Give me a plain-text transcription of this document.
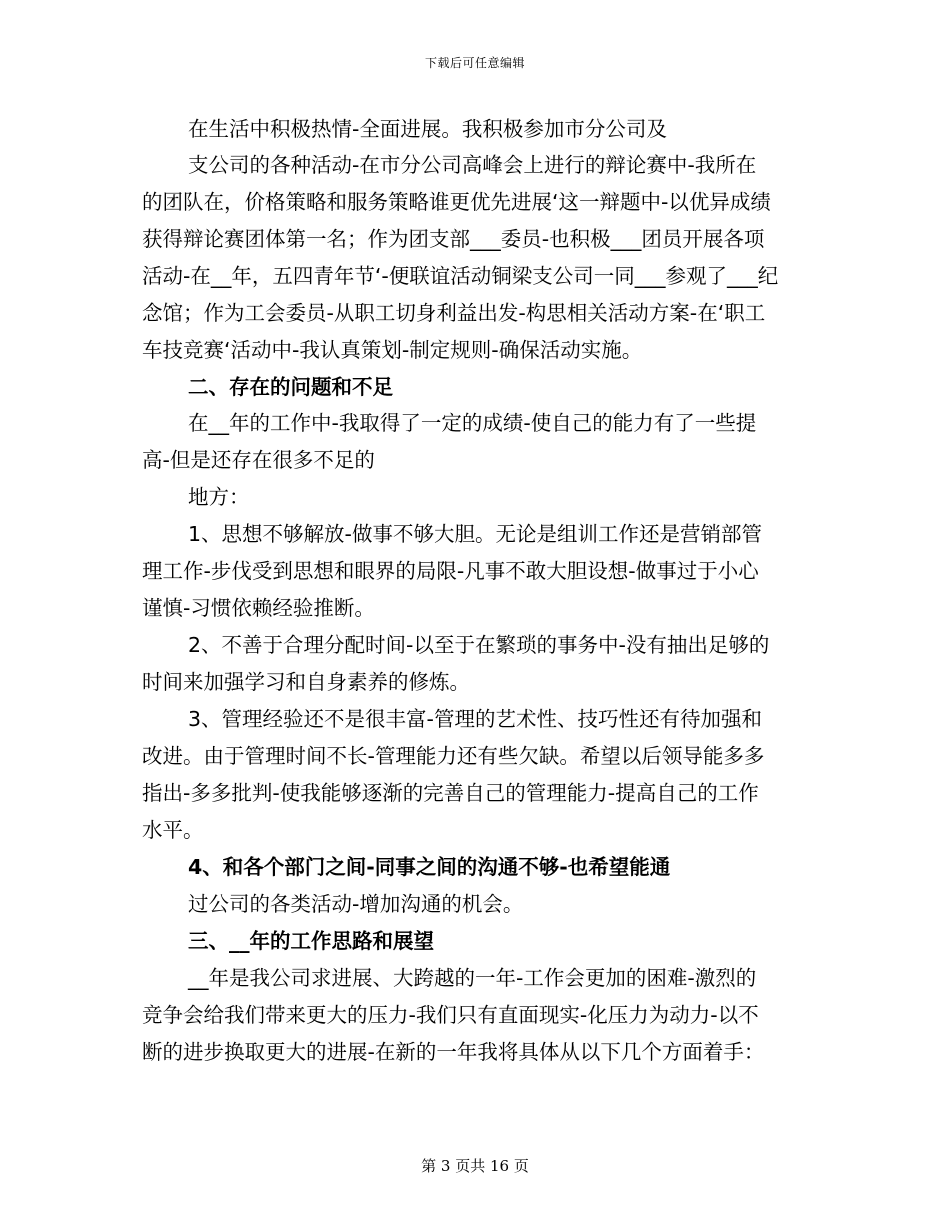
下载后可任意编辑
在生活中积极热情-全面进展。我积极参加市分公司及
支公司的各种活动-在市分公司高峰会上进行的辩论赛中-我所在
的团队在，价格策略和服务策略谁更优先进展‘这一辩题中-以优异成绩
获得辩论赛团体第一名；作为团支部___委员-也积极___团员开展各项
活动-在__年，五四青年节‘-便联谊活动铜梁支公司一同___参观了___纪
念馆；作为工会委员-从职工切身利益出发-构思相关活动方案-在‘职工
车技竞赛‘活动中-我认真策划-制定规则-确保活动实施。
二、存在的问题和不足
在__年的工作中-我取得了一定的成绩-使自己的能力有了一些提
高-但是还存在很多不足的
地方：
1、思想不够解放-做事不够大胆。无论是组训工作还是营销部管
理工作-步伐受到思想和眼界的局限-凡事不敢大胆设想-做事过于小心
谨慎-习惯依赖经验推断。
2、不善于合理分配时间-以至于在繁琐的事务中-没有抽出足够的
时间来加强学习和自身素养的修炼。
3、管理经验还不是很丰富-管理的艺术性、技巧性还有待加强和
改进。由于管理时间不长-管理能力还有些欠缺。希望以后领导能多多
指出-多多批判-使我能够逐渐的完善自己的管理能力-提高自己的工作
水平。
4、和各个部门之间-同事之间的沟通不够-也希望能通
过公司的各类活动-增加沟通的机会。
三、__年的工作思路和展望
__年是我公司求进展、大跨越的一年-工作会更加的困难-激烈的
竞争会给我们带来更大的压力-我们只有直面现实-化压力为动力-以不
断的进步换取更大的进展-在新的一年我将具体从以下几个方面着手：
第 3 页共 16 页
